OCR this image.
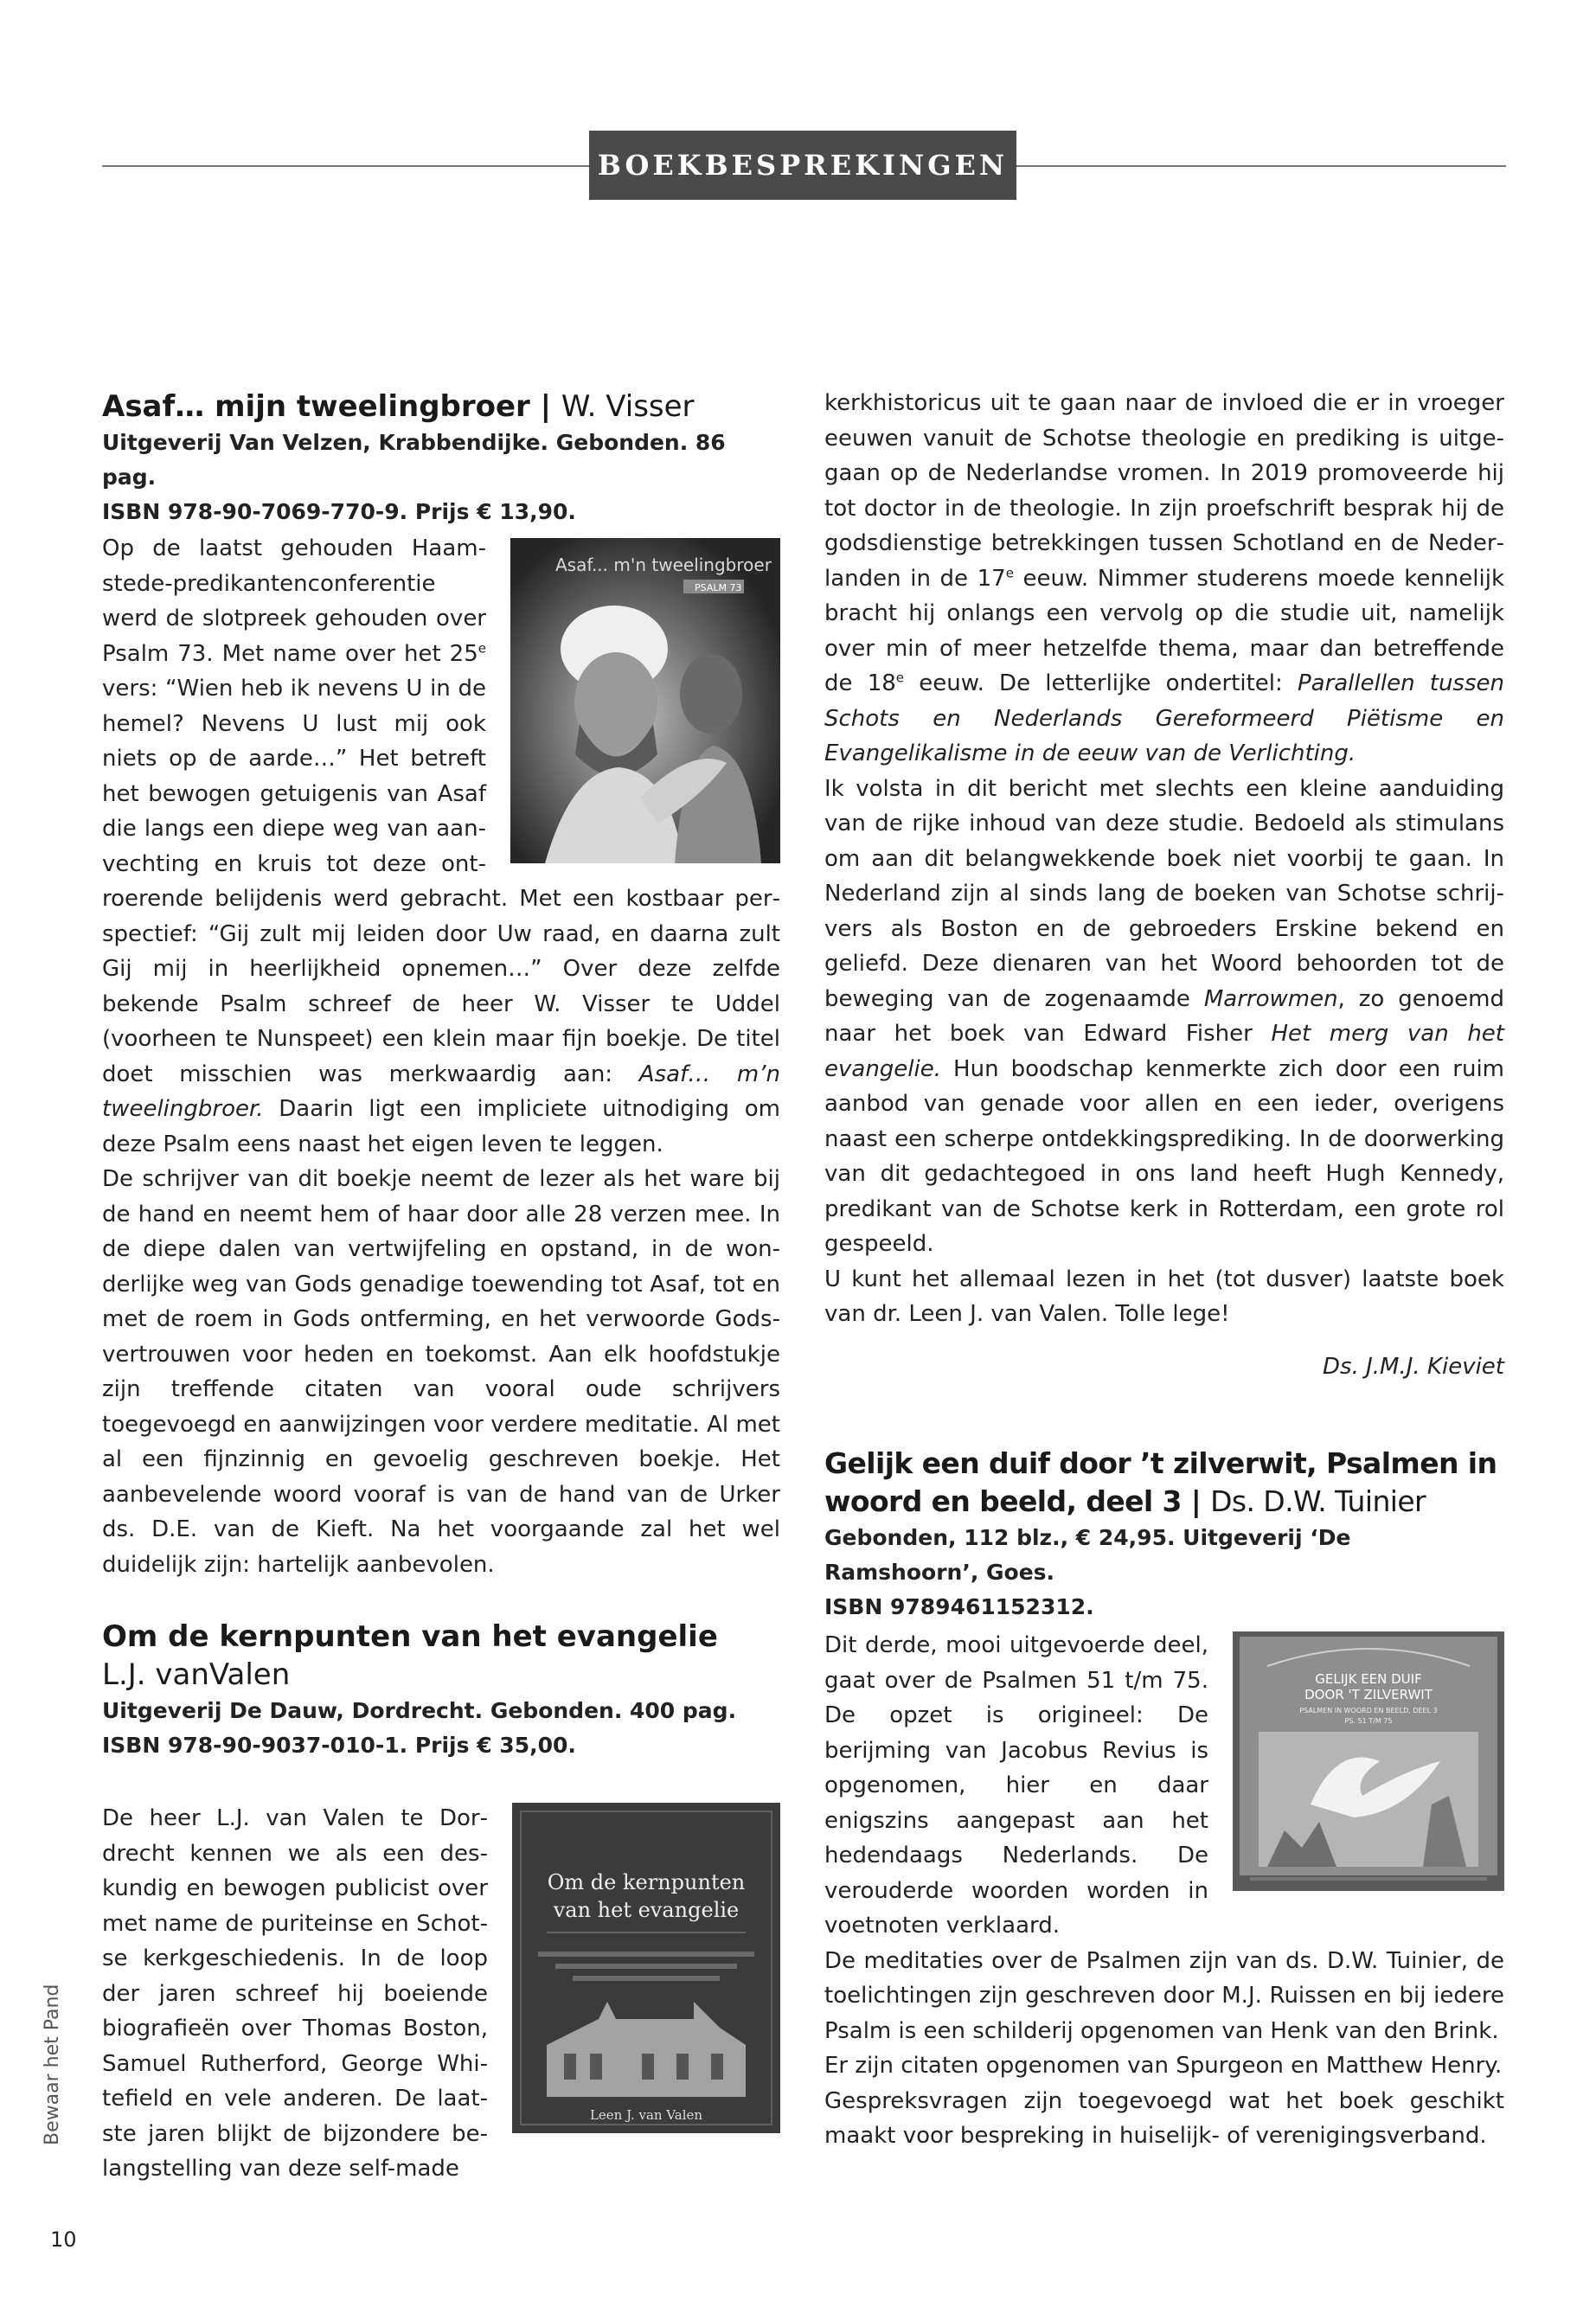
BOEKBESPREKINGEN
Asaf… mijn tweelingbroer | W. Visser
Uitgeverij Van Velzen, Krabbendijke. Gebonden. 86 pag.
ISBN 978-90-7069-770-9. Prijs € 13,90.
Asaf... m'n tweelingbroer
PSALM 73

Op de laatst gehouden Haamstede-predikantenconferentie werd de slotpreek gehouden over Psalm 73. Met name over het 25e vers: “Wien heb ik nevens U in de hemel? Nevens U lust mij ook niets op de aarde…” Het betreft het bewogen getuigenis van Asaf die langs een diepe weg van aanvechting en kruis tot deze ontroerende belijdenis werd gebracht. Met een kostbaar perspectief: “Gij zult mij leiden door Uw raad, en daarna zult Gij mij in heerlijkheid opnemen…” Over deze zelfde bekende Psalm schreef de heer W. Visser te Uddel (voorheen te Nunspeet) een klein maar fijn boekje. De titel doet misschien was merkwaardig aan: Asaf… m’n tweelingbroer. Daarin ligt een impliciete uitnodiging om deze Psalm eens naast het eigen leven te leggen.

De schrijver van dit boekje neemt de lezer als het ware bij de hand en neemt hem of haar door alle 28 verzen mee. In de diepe dalen van vertwijfeling en opstand, in de wonderlijke weg van Gods genadige toewending tot Asaf, tot en met de roem in Gods ontferming, en het verwoorde Godsvertrouwen voor heden en toekomst. Aan elk hoofdstukje zijn treffende citaten van vooral oude schrijvers toegevoegd en aanwijzingen voor verdere meditatie. Al met al een fijnzinnig en gevoelig geschreven boekje. Het aanbevelende woord vooraf is van de hand van de Urker ds. D.E. van de Kieft. Na het voorgaande zal het wel duidelijk zijn: hartelijk aanbevolen.

Om de kernpunten van het evangelie
L.J. vanValen
Uitgeverij De Dauw, Dordrecht. Gebonden. 400 pag.
ISBN 978-90-9037-010-1. Prijs € 35,00.
Om de kernpunten
van het evangelie
Leen J. van Valen

De heer L.J. van Valen te Dordrecht kennen we als een deskundig en bewogen publicist over met name de puriteinse en Schotse kerkgeschiedenis. In de loop der jaren schreef hij boeiende biografieën over Thomas Boston, Samuel Rutherford, George Whitefield en vele anderen. De laatste jaren blijkt de bijzondere belangstelling van deze self-made

kerkhistoricus uit te gaan naar de invloed die er in vroeger eeuwen vanuit de Schotse theologie en prediking is uitgegaan op de Nederlandse vromen. In 2019 promoveerde hij tot doctor in de theologie. In zijn proefschrift besprak hij de godsdienstige betrekkingen tussen Schotland en de Nederlanden in de 17e eeuw. Nimmer studerens moede kennelijk bracht hij onlangs een vervolg op die studie uit, namelijk over min of meer hetzelfde thema, maar dan betreffende de 18e eeuw. De letterlijke ondertitel: Parallellen tussen Schots en Nederlands Gereformeerd Piëtisme en Evangelikalisme in de eeuw van de Verlichting.

Ik volsta in dit bericht met slechts een kleine aanduiding van de rijke inhoud van deze studie. Bedoeld als stimulans om aan dit belangwekkende boek niet voorbij te gaan. In Nederland zijn al sinds lang de boeken van Schotse schrijvers als Boston en de gebroeders Erskine bekend en geliefd. Deze dienaren van het Woord behoorden tot de beweging van de zogenaamde Marrowmen, zo genoemd naar het boek van Edward Fisher Het merg van het evangelie. Hun boodschap kenmerkte zich door een ruim aanbod van genade voor allen en een ieder, overigens naast een scherpe ontdekkingsprediking. In de doorwerking van dit gedachtegoed in ons land heeft Hugh Kennedy, predikant van de Schotse kerk in Rotterdam, een grote rol gespeeld.

U kunt het allemaal lezen in het (tot dusver) laatste boek van dr. Leen J. van Valen. Tolle lege!

Ds. J.M.J. Kieviet

Gelijk een duif door ’t zilverwit, Psalmen in woord en beeld, deel 3 | Ds. D.W. Tuinier
Gebonden, 112 blz., € 24,95. Uitgeverij ‘De Ramshoorn’, Goes.
ISBN 9789461152312.
GELIJK EEN DUIF
DOOR 'T ZILVERWIT
PSALMEN IN WOORD EN BEELD, DEEL 3
PS. 51 T/M 75

Dit derde, mooi uitgevoerde deel, gaat over de Psalmen 51 t/m 75. De opzet is origineel: De berijming van Jacobus Revius is opgenomen, hier en daar enigszins aangepast aan het hedendaags Nederlands. De verouderde woorden worden in voetnoten verklaard.

De meditaties over de Psalmen zijn van ds. D.W. Tuinier, de toelichtingen zijn geschreven door M.J. Ruissen en bij iedere Psalm is een schilderij opgenomen van Henk van den Brink.

Er zijn citaten opgenomen van Spurgeon en Matthew Henry.

Gespreksvragen zijn toegevoegd wat het boek geschikt maakt voor bespreking in huiselijk- of verenigingsverband.

Bewaar het Pand
10
